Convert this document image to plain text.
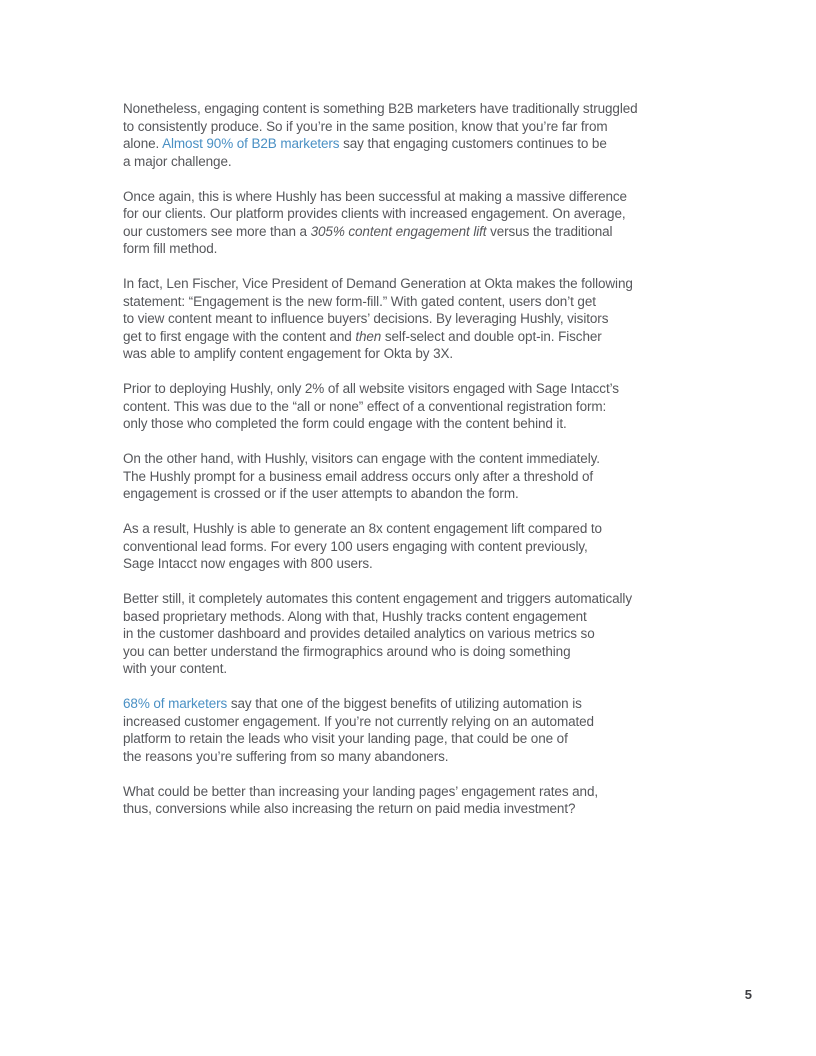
Nonetheless, engaging content is something B2B marketers have traditionally struggled
to consistently produce. So if you’re in the same position, know that you’re far from
alone. Almost 90% of B2B marketers say that engaging customers continues to be
a major challenge.
Once again, this is where Hushly has been successful at making a massive difference
for our clients. Our platform provides clients with increased engagement. On average,
our customers see more than a 305% content engagement lift versus the traditional
form fill method.
In fact, Len Fischer, Vice President of Demand Generation at Okta makes the following
statement: “Engagement is the new form-fill.” With gated content, users don’t get
to view content meant to influence buyers’ decisions. By leveraging Hushly, visitors
get to first engage with the content and then self-select and double opt-in. Fischer
was able to amplify content engagement for Okta by 3X.
Prior to deploying Hushly, only 2% of all website visitors engaged with Sage Intacct’s
content. This was due to the “all or none” effect of a conventional registration form:
only those who completed the form could engage with the content behind it.
On the other hand, with Hushly, visitors can engage with the content immediately.
The Hushly prompt for a business email address occurs only after a threshold of
engagement is crossed or if the user attempts to abandon the form.
As a result, Hushly is able to generate an 8x content engagement lift compared to
conventional lead forms. For every 100 users engaging with content previously,
Sage Intacct now engages with 800 users.
Better still, it completely automates this content engagement and triggers automatically
based proprietary methods. Along with that, Hushly tracks content engagement
in the customer dashboard and provides detailed analytics on various metrics so
you can better understand the firmographics around who is doing something
with your content.
68% of marketers say that one of the biggest benefits of utilizing automation is
increased customer engagement. If you’re not currently relying on an automated
platform to retain the leads who visit your landing page, that could be one of
the reasons you’re suffering from so many abandoners.
What could be better than increasing your landing pages’ engagement rates and,
thus, conversions while also increasing the return on paid media investment?
5
